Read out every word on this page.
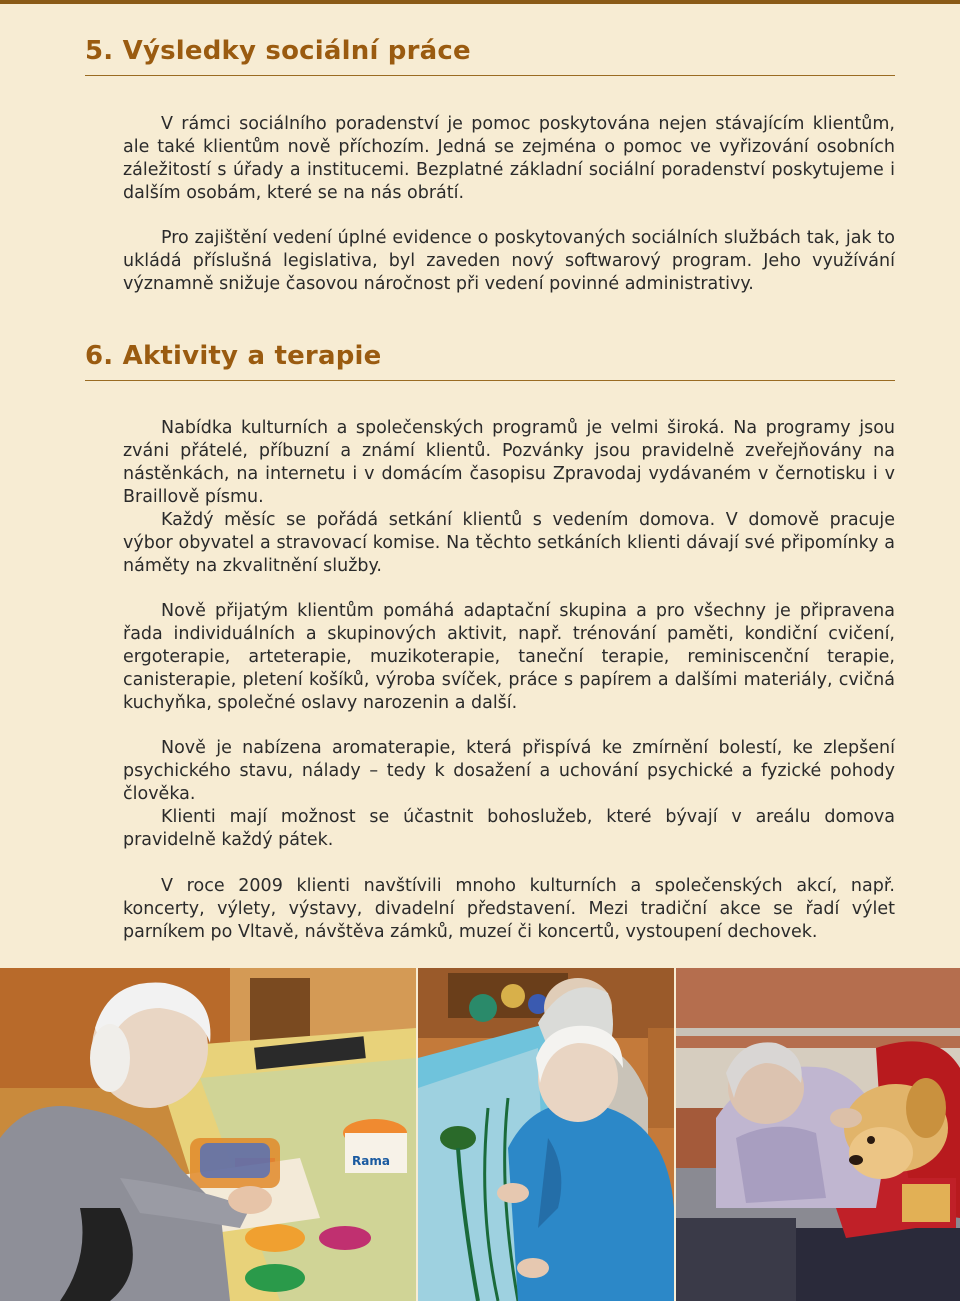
5. Výsledky sociální práce

V rámci sociálního poradenství je pomoc poskytována nejen stávajícím klientům, ale také klientům nově příchozím. Jedná se zejména o pomoc ve vyřizování osobních záležitostí s úřady a institucemi. Bezplatné základní sociální poradenství poskytujeme i dalším osobám, které se na nás obrátí.

Pro zajištění vedení úplné evidence o poskytovaných sociálních službách tak, jak to ukládá příslušná legislativa, byl zaveden nový softwarový program. Jeho využívání významně snižuje časovou náročnost při vedení povinné administrativy.

6. Aktivity a terapie

Nabídka kulturních a společenských programů je velmi široká. Na programy jsou zváni přátelé, příbuzní a známí klientů. Pozvánky jsou pravidelně zveřejňovány na nástěnkách, na internetu i v domácím časopisu Zpravodaj vydávaném v černotisku i v Braillově písmu.

Každý měsíc se pořádá setkání klientů s vedením domova. V domově pracuje výbor obyvatel a stravovací komise. Na těchto setkáních klienti dávají své připomínky a náměty na zkvalitnění služby.

Nově přijatým klientům pomáhá adaptační skupina a pro všechny je připravena řada individuálních a skupinových aktivit, např. trénování paměti, kondiční cvičení, ergoterapie, arteterapie, muzikoterapie, taneční terapie, reminiscenční terapie, canisterapie, pletení košíků, výroba svíček, práce s papírem a dalšími materiály, cvičná kuchyňka, společné oslavy narozenin a další.

Nově je nabízena aromaterapie, která přispívá ke zmírnění bolestí, ke zlepšení psychického stavu, nálady – tedy k dosažení a uchování psychické a fyzické pohody člověka.

Klienti mají možnost se účastnit bohoslužeb, které bývají v areálu domova pravidelně každý pátek.

V roce 2009 klienti navštívili mnoho kulturních a společenských akcí, např. koncerty, výlety, výstavy, divadelní představení. Mezi tradiční akce se řadí výlet parníkem po Vltavě, návštěva zámků, muzeí či koncertů, vystoupení dechovek.

Rama
